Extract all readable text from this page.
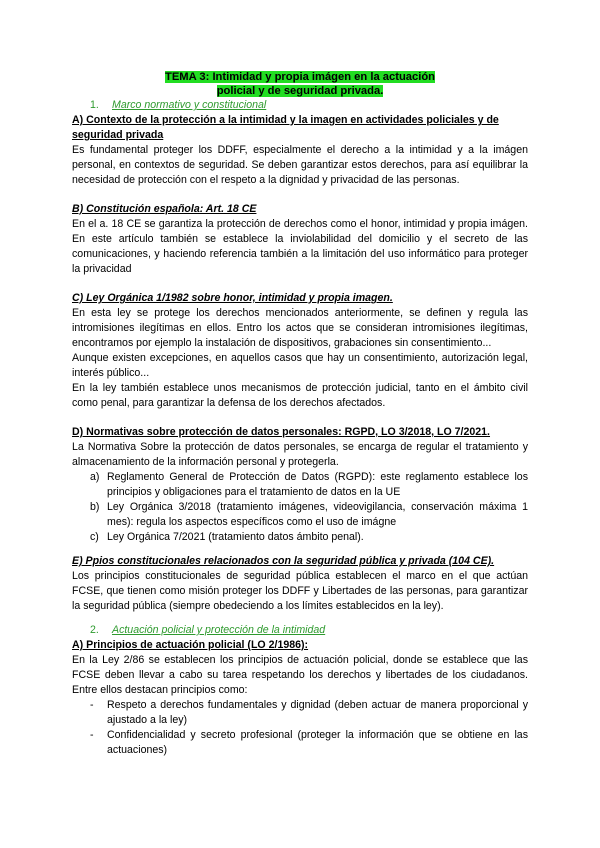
TEMA 3: Intimidad y propia imágen en la actuación
policial y de seguridad privada.
1. Marco normativo y constitucional
A) Contexto de la protección a la intimidad y la imagen en actividades policiales y de seguridad privada

Es fundamental proteger los DDFF, especialmente el derecho a la intimidad y a la imágen personal, en contextos de seguridad. Se deben garantizar estos derechos, para así equilibrar la necesidad de protección con el respeto a la dignidad y privacidad de las personas.

B) Constitución española: Art. 18 CE

En el a. 18 CE se garantiza la protección de derechos como el honor, intimidad y propia imágen. En este artículo también se establece la inviolabilidad del domicilio y el secreto de las comunicaciones, y haciendo referencia también a la limitación del uso informático para proteger la privacidad

C) Ley Orgánica 1/1982 sobre honor, intimidad y propia imagen.

En esta ley se protege los derechos mencionados anteriormente, se definen y regula las intromisiones ilegítimas en ellos. Entro los actos que se consideran intromisiones ilegítimas, encontramos por ejemplo la instalación de dispositivos, grabaciones sin consentimiento...

Aunque existen excepciones, en aquellos casos que hay un consentimiento, autorización legal, interés público...

En la ley también establece unos mecanismos de protección judicial, tanto en el ámbito civil como penal, para garantizar la defensa de los derechos afectados.

D) Normativas sobre protección de datos personales: RGPD, LO 3/2018, LO 7/2021.

La Normativa Sobre la protección de datos personales, se encarga de regular el tratamiento y almacenamiento de la información personal y protegerla.

a) Reglamento General de Protección de Datos (RGPD): este reglamento establece los principios y obligaciones para el tratamiento de datos en la UE
b) Ley Orgánica 3/2018 (tratamiento imágenes, videovigilancia, conservación máxima 1 mes): regula los aspectos específicos como el uso de imágne
c) Ley Orgánica 7/2021 (tratamiento datos ámbito penal).
E) Ppios constitucionales relacionados con la seguridad pública y privada (104 CE).

Los principios constitucionales de seguridad pública establecen el marco en el que actúan FCSE, que tienen como misión proteger los DDFF y Libertades de las personas, para garantizar la seguridad pública (siempre obedeciendo a los límites establecidos en la ley).

2. Actuación policial y protección de la intimidad
A) Principios de actuación policial (LO 2/1986):

En la Ley 2/86 se establecen los principios de actuación policial, donde se establece que las FCSE deben llevar a cabo su tarea respetando los derechos y libertades de los ciudadanos. Entre ellos destacan principios como:

- Respeto a derechos fundamentales y dignidad (deben actuar de manera proporcional y ajustado a la ley)
- Confidencialidad y secreto profesional (proteger la información que se obtiene en las actuaciones)
